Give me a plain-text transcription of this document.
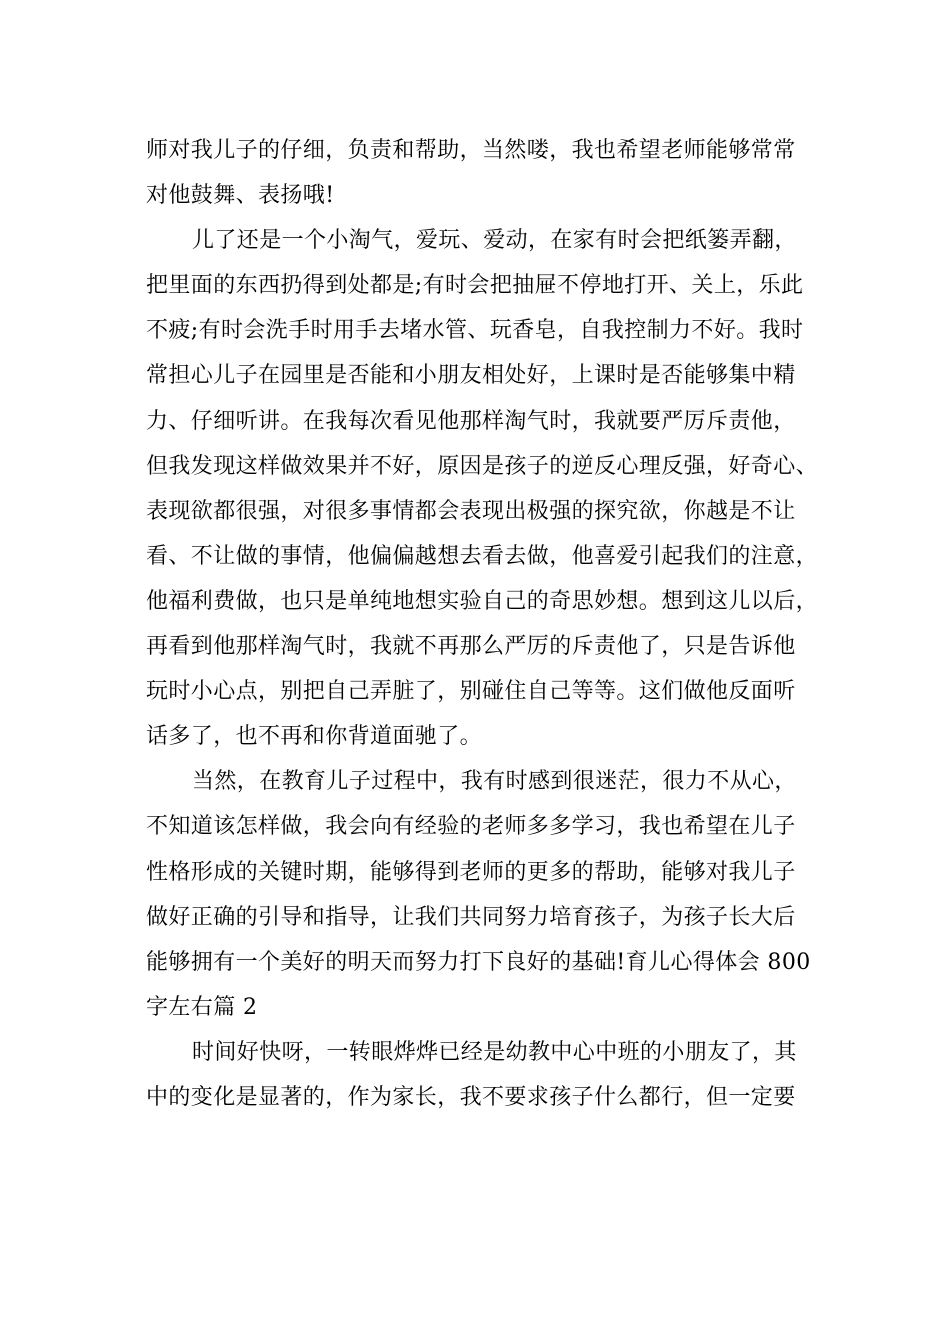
师对我儿子的仔细，负责和帮助，当然喽，我也希望老师能够常常
对他鼓舞、表扬哦!
儿了还是一个小淘气，爱玩、爱动，在家有时会把纸篓弄翻，
把里面的东西扔得到处都是;有时会把抽屉不停地打开、关上，乐此
不疲;有时会洗手时用手去堵水管、玩香皂，自我控制力不好。我时
常担心儿子在园里是否能和小朋友相处好，上课时是否能够集中精
力、仔细听讲。在我每次看见他那样淘气时，我就要严厉斥责他，
但我发现这样做效果并不好，原因是孩子的逆反心理反强，好奇心、
表现欲都很强，对很多事情都会表现出极强的探究欲，你越是不让
看、不让做的事情，他偏偏越想去看去做，他喜爱引起我们的注意，
他福利费做，也只是单纯地想实验自己的奇思妙想。想到这儿以后，
再看到他那样淘气时，我就不再那么严厉的斥责他了，只是告诉他
玩时小心点，别把自己弄脏了，别碰住自己等等。这们做他反面听
话多了，也不再和你背道面驰了。
当然，在教育儿子过程中，我有时感到很迷茫，很力不从心，
不知道该怎样做，我会向有经验的老师多多学习，我也希望在儿子
性格形成的关键时期，能够得到老师的更多的帮助，能够对我儿子
做好正确的引导和指导，让我们共同努力培育孩子，为孩子长大后
能够拥有一个美好的明天而努力打下良好的基础!育儿心得体会 800
字左右篇 2
时间好快呀，一转眼烨烨已经是幼教中心中班的小朋友了，其
中的变化是显著的，作为家长，我不要求孩子什么都行，但一定要
